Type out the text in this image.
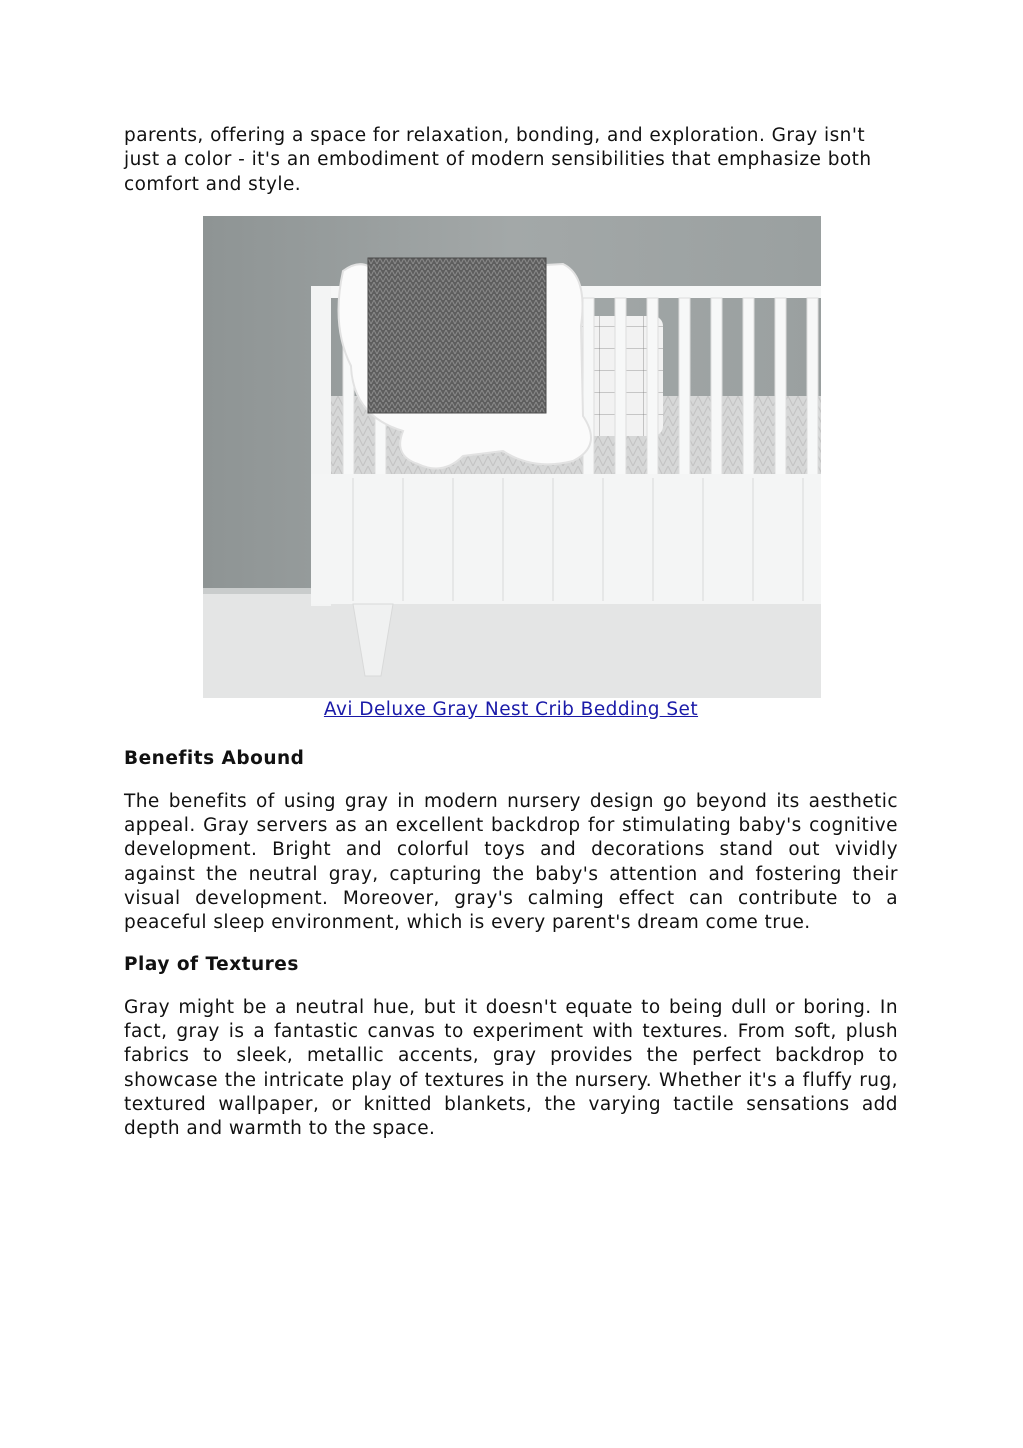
parents, offering a space for relaxation, bonding, and exploration. Gray isn't just a color - it's an embodiment of modern sensibilities that emphasize both comfort and style.

Avi Deluxe Gray Nest Crib Bedding Set
Benefits Abound

The benefits of using gray in modern nursery design go beyond its aesthetic appeal. Gray servers as an excellent backdrop for stimulating baby's cognitive development. Bright and colorful toys and decorations stand out vividly against the neutral gray, capturing the baby's attention and fostering their visual development. Moreover, gray's calming effect can contribute to a peaceful sleep environment, which is every parent's dream come true.

Play of Textures

Gray might be a neutral hue, but it doesn't equate to being dull or boring. In fact, gray is a fantastic canvas to experiment with textures. From soft, plush fabrics to sleek, metallic accents, gray provides the perfect backdrop to showcase the intricate play of textures in the nursery. Whether it's a fluffy rug, textured wallpaper, or knitted blankets, the varying tactile sensations add depth and warmth to the space.
